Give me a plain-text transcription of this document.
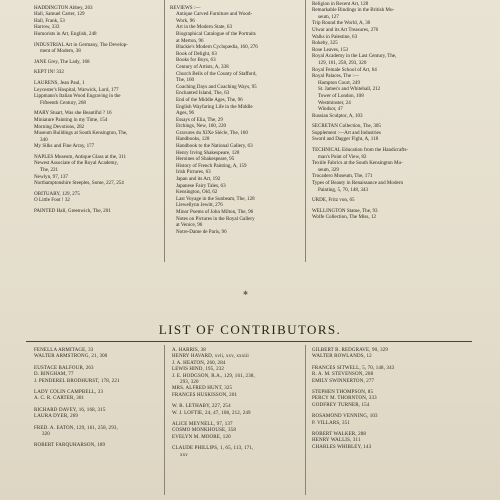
HADDINGTON Abbey, 263
Hall, Samuel Carter, 129
Hall, Frank, 53
Harrow, 333
Humorists in Art, English, 248
INDUSTRIAL Art in Germany, The Develop-
ment of Modern, 38
JANE Grey, The Lady, 168
KEPT IN! 332
LAURENS, Jean Paul, 1
Leycester's Hospital, Warwick, Lord, 177
Lippmann's Italian Wood Engraving in the
Fifteenth Century, 268
MARY Stuart, Was she Beautiful ? 16
Miniature Painting in my Time, 154
Morning Devotions, 282
Museum Buildings at South Kensington, The,
340
My Silks and Fine Array, 177
NAPLES Museum, Antique Glass at the, 311
Newest Associate of the Royal Academy,
The, 221
Newlyn, 97, 137
Northamptonshire Steeples, Some, 227, 254
OBITUARY, 129, 275
O Little Foot ! 32
PAINTED Hall, Greenwich, The, 201
REVIEWS :—
Antique Carved Furniture and Wood-
Work, 96
Art in the Modern State, 63
Biographical Catalogue of the Portraits
at Merton, 96
Blackie's Modern Cyclopædia, 160, 276
Book of Delight, 63
Books for Boys, 63
Century of Artists, A, 338
Church Bells of the County of Stafford,
The, 160
Coaching Days and Coaching Ways, 95
Enchanted Island, The, 63
End of the Middle Ages, The, 96
English Wayfaring Life in the Middle
Ages, 96
Essays of Elia, The, 29
Etchings, New, 160, 220
Gravures du XIXe Siècle, The, 160
Handbooks, 128
Handbook to the National Gallery, 63
Henry Irving Shakespeare, 128
Heroines of Shakespeare, 95
History of French Painting, A, 159
Irish Pictures, 63
Japan and its Art, 192
Japanese Fairy Tales, 63
Kensington, Old, 62
Last Voyage in the Sunbeam, The, 128
Llewellynn Jewitt, 276
Minor Poems of John Milton, The, 96
Notes on Pictures in the Royal Gallery
at Venice, 96
Notre-Dame de Paris, 96
Religion in Recent Art, 128
Remarkable Bindings in the British Mu-
seum, 127
Trip Round the World, A, 30
Ulwar and its Art Treasures, 276
Walks in Palestine, 63
Rokeby, 325
Rose Leaves, 153
Royal Academy in the Last Century, The,
129, 161, 258, 293, 320
Royal Female School of Art, 64
Royal Palaces, The :—
Hampton Court, 249
St. James's and Whitehall, 212
Tower of London, 108
Westminster, 24
Windsor, 47
Russian Sculptor, A, 103
SECRETAN Collection, The, 305
Supplement :—Art and Industries
Sword and Dagger Fight, A, 118
TECHNICAL Education from the Handicrafts-
man's Point of View, 82
Textile Fabrics at the South Kensington Mu-
seum, 329
Trocadero Museum, The, 171
Types of Beauty in Renaissance and Modern
Painting, 5, 70, 148, 343
URDE, Fritz von, 65
WELLINGTON Statue, The, 93
Wolfe Collection, The Miss, 12
✱
LIST OF CONTRIBUTORS.
FENELLA ARMITAGE, 33
WALTER ARMSTRONG, 21, 300
EUSTACE BALFOUR, 263
D. BINGHAM, 77
J. PENDEREL BRODHURST, 178, 221
LADY COLIN CAMPBELL, 33
A. C. R. CARTER, 301
RICHARD DAVEY, 16, 168, 315
LAURA DYER, 269
FRED. A. EATON, 129, 161, 258, 293,
320
ROBERT FARQUHARSON, 189
A. HARRIS, 38
HENRY HAVARD, xvii, xxv, xxxiii
J. A. HEATON, 260, 284
LEWIS HIND, 195, 232
J. E. HODGSON, R.A., 129, 161, 238,
293, 320
MRS. ALFRED HUNT, 325
FRANCES HUSKISSON, 201
W. R. LETHABY, 227, 254
W. J. LOFTIE, 24, 47, 108, 212, 249
ALICE MEYNELL, 97, 137
COSMO MONKHOUSE, 358
EVELYN M. MOORE, 120
CLAUDE PHILLIPS, 1, 65, 113, 171,
xxv
GILBERT R. REDGRAVE, 90, 329
WALTER ROWLANDS, 12
FRANCES SITWELL, 5, 70, 148, 343
R. A. M. STEVENSON, 208
EMILY SWINNERTON, 277
STEPHEN THOMPSON, 85
PERCY M. THORNTON, 333
GODFREY TURNER, 154
ROSAMOND VENNING, 103
P. VILLARS, 351
ROBERT WALKER, 288
HENRY WALLIS, 311
CHARLES WHIBLEY, 143
